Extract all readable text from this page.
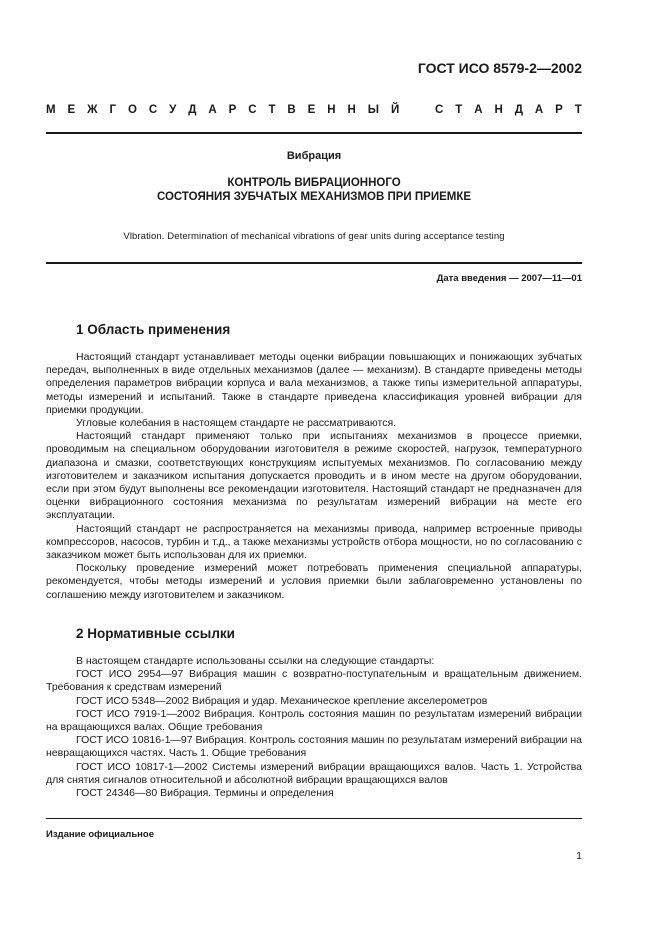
ГОСТ ИСО 8579-2—2002
М Е Ж Г О С У Д А Р С Т В Е Н Н Ы Й	С Т А Н Д А Р Т
Вибрация
КОНТРОЛЬ ВИБРАЦИОННОГО
СОСТОЯНИЯ ЗУБЧАТЫХ МЕХАНИЗМОВ ПРИ ПРИЕМКЕ
Vlbration. Determination of mechanical vibrations of gear units during acceptance testing
Дата введения — 2007—11—01
1 Область применения

Настоящий стандарт устанавливает методы оценки вибрации повышающих и понижающих зубчатых передач, выполненных в виде отдельных механизмов (далее — механизм). В стандарте приведены методы определения параметров вибрации корпуса и вала механизмов, а также типы измерительной аппаратуры, методы измерений и испытаний. Также в стандарте приведена классификация уровней вибрации для приемки продукции.

Угловые колебания в настоящем стандарте не рассматриваются.

Настоящий стандарт применяют только при испытаниях механизмов в процессе приемки, проводимым на специальном оборудовании изготовителя в режиме скоростей, нагрузок, температурного диапазона и смазки, соответствующих конструкциям испытуемых механизмов. По согласованию между изготовителем и заказчиком испытания допускается проводить и в ином месте на другом оборудовании, если при этом будут выполнены все рекомендации изготовителя. Настоящий стандарт не предназначен для оценки вибрационного состояния механизма по результатам измерений вибрации на месте его эксплуатации.

Настоящий стандарт не распространяется на механизмы привода, например встроенные приводы компрессоров, насосов, турбин и т.д., а также механизмы устройств отбора мощности, но по согласованию с заказчиком может быть использован для их приемки.

Поскольку проведение измерений может потребовать применения специальной аппаратуры, рекомендуется, чтобы методы измерений и условия приемки были заблаговременно установлены по соглашению между изготовителем и заказчиком.

2 Нормативные ссылки

В настоящем стандарте использованы ссылки на следующие стандарты:

ГОСТ ИСО 2954—97 Вибрация машин с возвратно-поступательным и вращательным движением. Требования к средствам измерений

ГОСТ ИСО 5348—2002 Вибрация и удар. Механическое крепление акселерометров

ГОСТ ИСО 7919-1—2002 Вибрация. Контроль состояния машин по результатам измерений вибрации на вращающихся валах. Общие требования

ГОСТ ИСО 10816-1—97 Вибрация. Контроль состояния машин по результатам измерений вибрации на невращающихся частях. Часть 1. Общие требования

ГОСТ ИСО 10817-1—2002 Системы измерений вибрации вращающихся валов. Часть 1. Устройства для снятия сигналов относительной и абсолютной вибрации вращающихся валов

ГОСТ 24346—80 Вибрация. Термины и определения

Издание официальное
1
